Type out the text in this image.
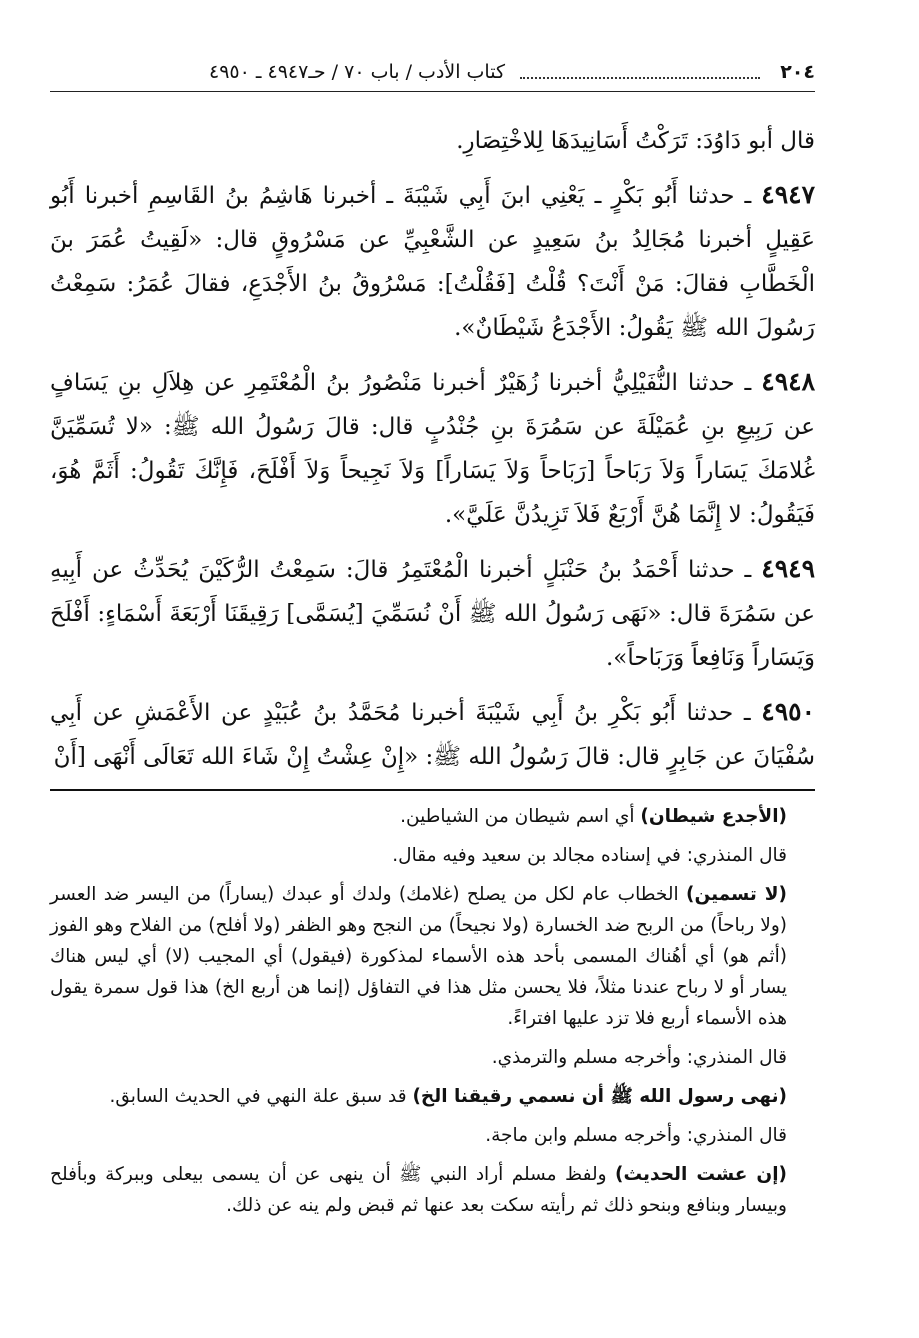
٢٠٤
كتاب الأدب / باب ٧٠ / حـ٤٩٤٧ ـ ٤٩٥٠

قال أبو دَاوُدَ: تَرَكْتُ أَسَانِيدَهَا لِلاخْتِصَارِ.

٤٩٤٧ ـ حدثنا أَبُو بَكْرٍ ـ يَعْنِي ابنَ أَبِي شَيْبَةَ ـ أخبرنا هَاشِمُ بنُ القَاسِمِ أخبرنا أَبُو عَقِيلٍ أخبرنا مُجَالِدُ بنُ سَعِيدٍ عن الشَّعْبِيِّ عن مَسْرُوقٍ قال: «لَقِيتُ عُمَرَ بنَ الْخَطَّابِ فقالَ: مَنْ أَنْتَ؟ قُلْتُ [فَقُلْتُ]: مَسْرُوقُ بنُ الأَجْدَعِ، فقالَ عُمَرُ: سَمِعْتُ رَسُولَ الله ﷺ يَقُولُ: الأَجْدَعُ شَيْطَانٌ».

٤٩٤٨ ـ حدثنا النُّفَيْلِيُّ أخبرنا زُهَيْرٌ أخبرنا مَنْصُورُ بنُ الْمُعْتَمِرِ عن هِلاَلِ بنِ يَسَافٍ عن رَبِيعِ بنِ عُمَيْلَةَ عن سَمُرَةَ بنِ جُنْدُبٍ قال: قالَ رَسُولُ الله ﷺ: «لا تُسَمِّيَنَّ غُلامَكَ يَسَاراً وَلاَ رَبَاحاً [رَبَاحاً وَلاَ يَسَاراً] وَلاَ نَجِيحاً وَلاَ أَفْلَحَ، فَإِنَّكَ تَقُولُ: أَثَمَّ هُوَ، فَيَقُولُ: لا إِنَّمَا هُنَّ أَرْبَعٌ فَلاَ تَزِيدُنَّ عَلَيَّ».

٤٩٤٩ ـ حدثنا أَحْمَدُ بنُ حَنْبَلٍ أخبرنا الْمُعْتَمِرُ قالَ: سَمِعْتُ الرُّكَيْنَ يُحَدِّثُ عن أَبِيهِ عن سَمُرَةَ قال: «نَهَى رَسُولُ الله ﷺ أَنْ نُسَمِّيَ [يُسَمَّى] رَقِيقَنَا أَرْبَعَةَ أَسْمَاءٍ: أَفْلَحَ وَيَسَاراً وَنَافِعاً وَرَبَاحاً».

٤٩٥٠ ـ حدثنا أَبُو بَكْرِ بنُ أَبِي شَيْبَةَ أخبرنا مُحَمَّدُ بنُ عُبَيْدٍ عن الأَعْمَشِ عن أَبِي سُفْيَانَ عن جَابِرٍ قال: قالَ رَسُولُ الله ﷺ: «إِنْ عِشْتُ إِنْ شَاءَ الله تَعَالَى أَنْهَى [أَنْ

(الأجدع شيطان) أي اسم شيطان من الشياطين.

قال المنذري: في إسناده مجالد بن سعيد وفيه مقال.

(لا تسمين) الخطاب عام لكل من يصلح (غلامك) ولدك أو عبدك (يساراً) من اليسر ضد العسر (ولا رباحاً) من الربح ضد الخسارة (ولا نجيحاً) من النجح وهو الظفر (ولا أفلح) من الفلاح وهو الفوز (أثم هو) أي أهُناك المسمى بأحد هذه الأسماء لمذكورة (فيقول) أي المجيب (لا) أي ليس هناك يسار أو لا رباح عندنا مثلاً، فلا يحسن مثل هذا في التفاؤل (إنما هن أربع الخ) هذا قول سمرة يقول هذه الأسماء أربع فلا تزد عليها افتراءً.

قال المنذري: وأخرجه مسلم والترمذي.

(نهى رسول الله ﷺ أن نسمي رقيقنا الخ) قد سبق علة النهي في الحديث السابق.

قال المنذري: وأخرجه مسلم وابن ماجة.

(إن عشت الحديث) ولفظ مسلم أراد النبي ﷺ أن ينهى عن أن يسمى بيعلى وببركة وبأفلح وبيسار وبنافع وبنحو ذلك ثم رأيته سكت بعد عنها ثم قبض ولم ينه عن ذلك.
